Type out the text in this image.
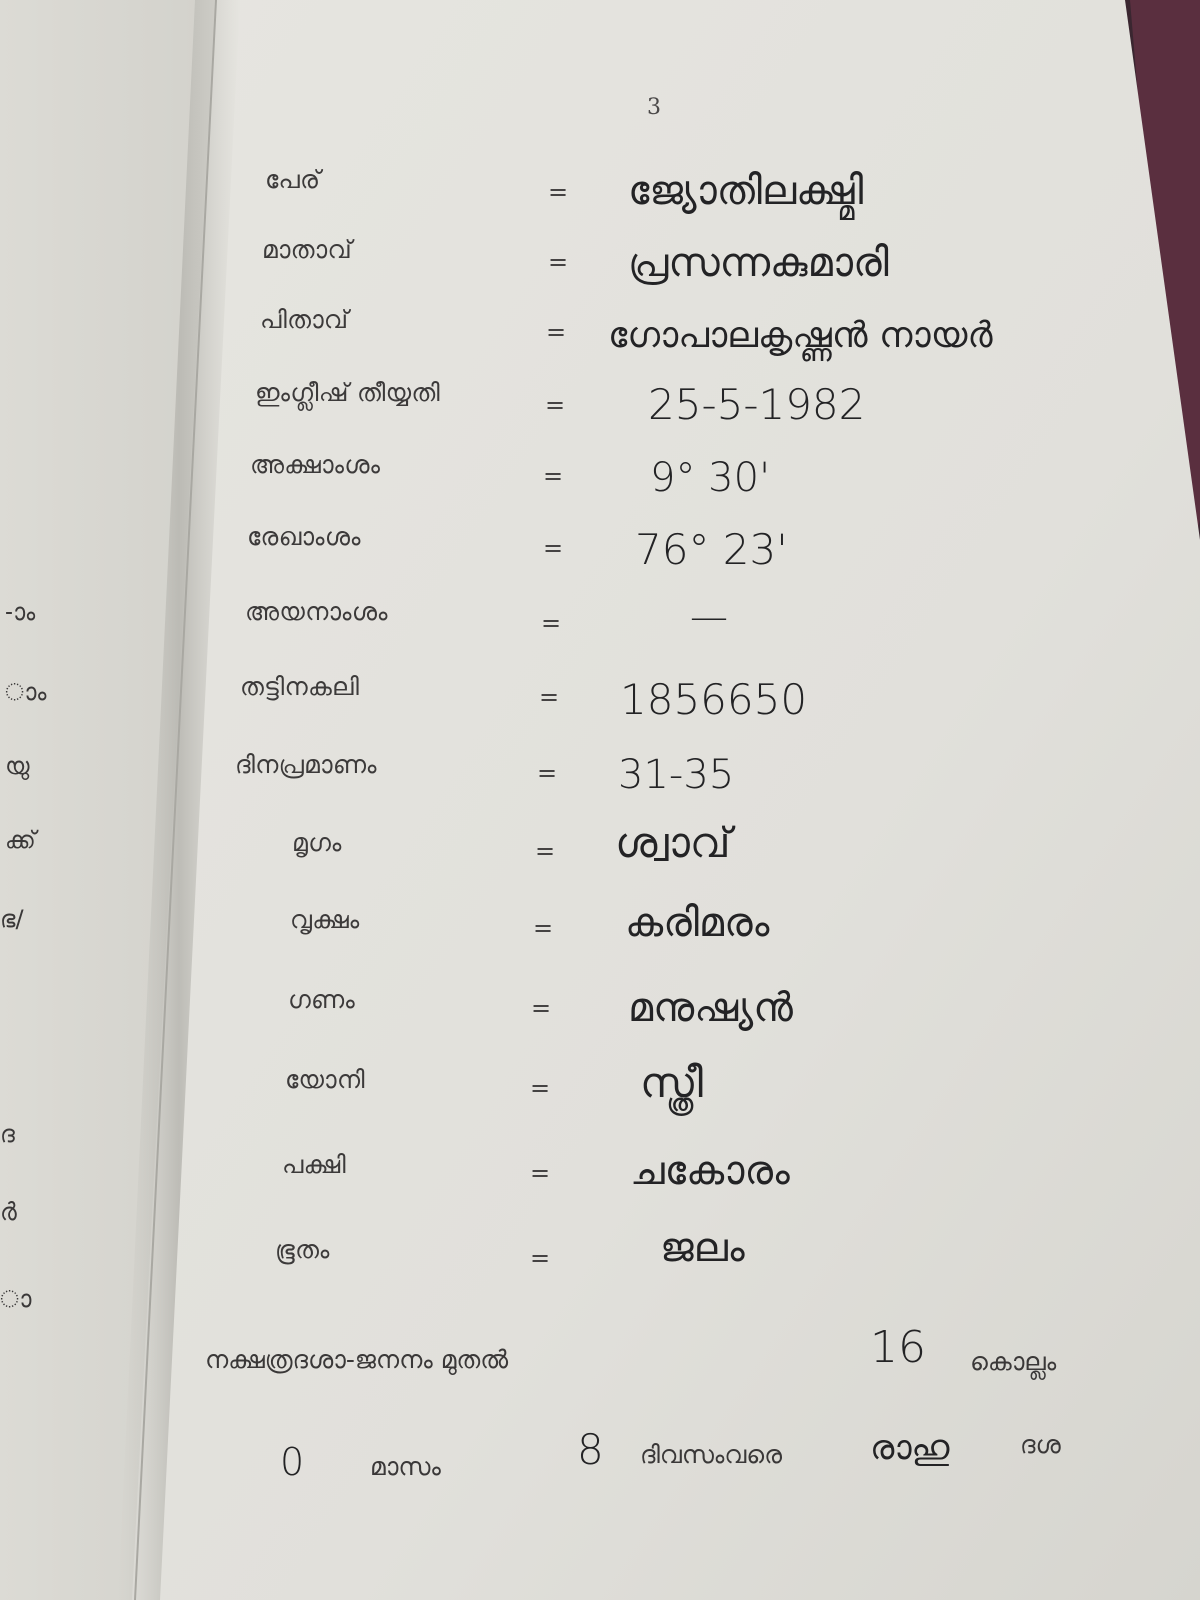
3
-ാം
ാം
യു
ക്ക്
ഭ/
ദ
ർ
ാ
പേര്	= ജ്യോതിലക്ഷ്മി
മാതാവ്	= പ്രസന്നകുമാരി
പിതാവ്	= ഗോപാലകൃഷ്ണൻ നായർ
ഇംഗ്ലീഷ് തീയ്യതി	= 25-5-1982
അക്ഷാംശം	= 9° 30'
രേഖാംശം	= 76° 23'
അയനാംശം	=	—
തട്ടിനകലി	= 1856650
ദിനപ്രമാണം	= 31-35
മൃഗം	= ശ്വാവ്
വൃക്ഷം	= കരിമരം
ഗണം	= മനുഷ്യൻ
യോനി	= സ്ത്രീ
പക്ഷി	= ചകോരം
ഭൂതം	=	ജലം
നക്ഷത്രദശാ-ജനനം മുതൽ	16 കൊല്ലം
0	മാസം	8 ദിവസംവരെ	രാഹു	ദശ
